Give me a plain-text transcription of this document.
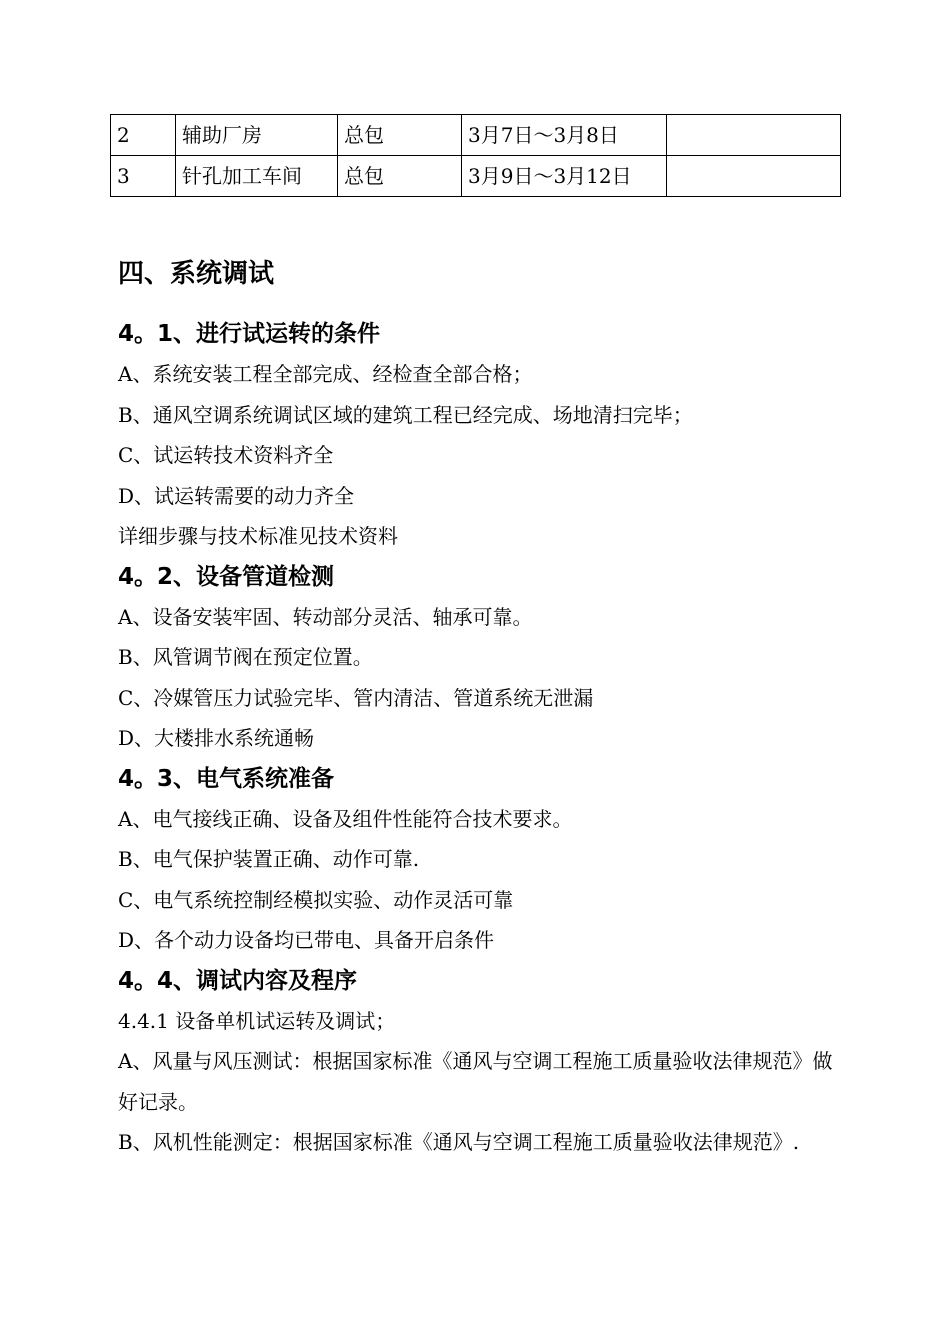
2	辅助厂房	总包	3月7日～3月8日	
3	针孔加工车间	总包	3月9日～3月12日	
四、系统调试
4。1、进行试运转的条件

A、系统安装工程全部完成、经检查全部合格；

B、通风空调系统调试区域的建筑工程已经完成、场地清扫完毕；

C、试运转技术资料齐全

D、试运转需要的动力齐全

详细步骤与技术标准见技术资料

4。2、设备管道检测

A、设备安装牢固、转动部分灵活、轴承可靠。

B、风管调节阀在预定位置。

C、冷媒管压力试验完毕、管内清洁、管道系统无泄漏

D、大楼排水系统通畅

4。3、电气系统准备

A、电气接线正确、设备及组件性能符合技术要求。

B、电气保护装置正确、动作可靠.

C、电气系统控制经模拟实验、动作灵活可靠

D、各个动力设备均已带电、具备开启条件

4。4、调试内容及程序

4.4.1 设备单机试运转及调试；

A、风量与风压测试：根据国家标准《通风与空调工程施工质量验收法律规范》做好记录。

B、风机性能测定：根据国家标准《通风与空调工程施工质量验收法律规范》.
